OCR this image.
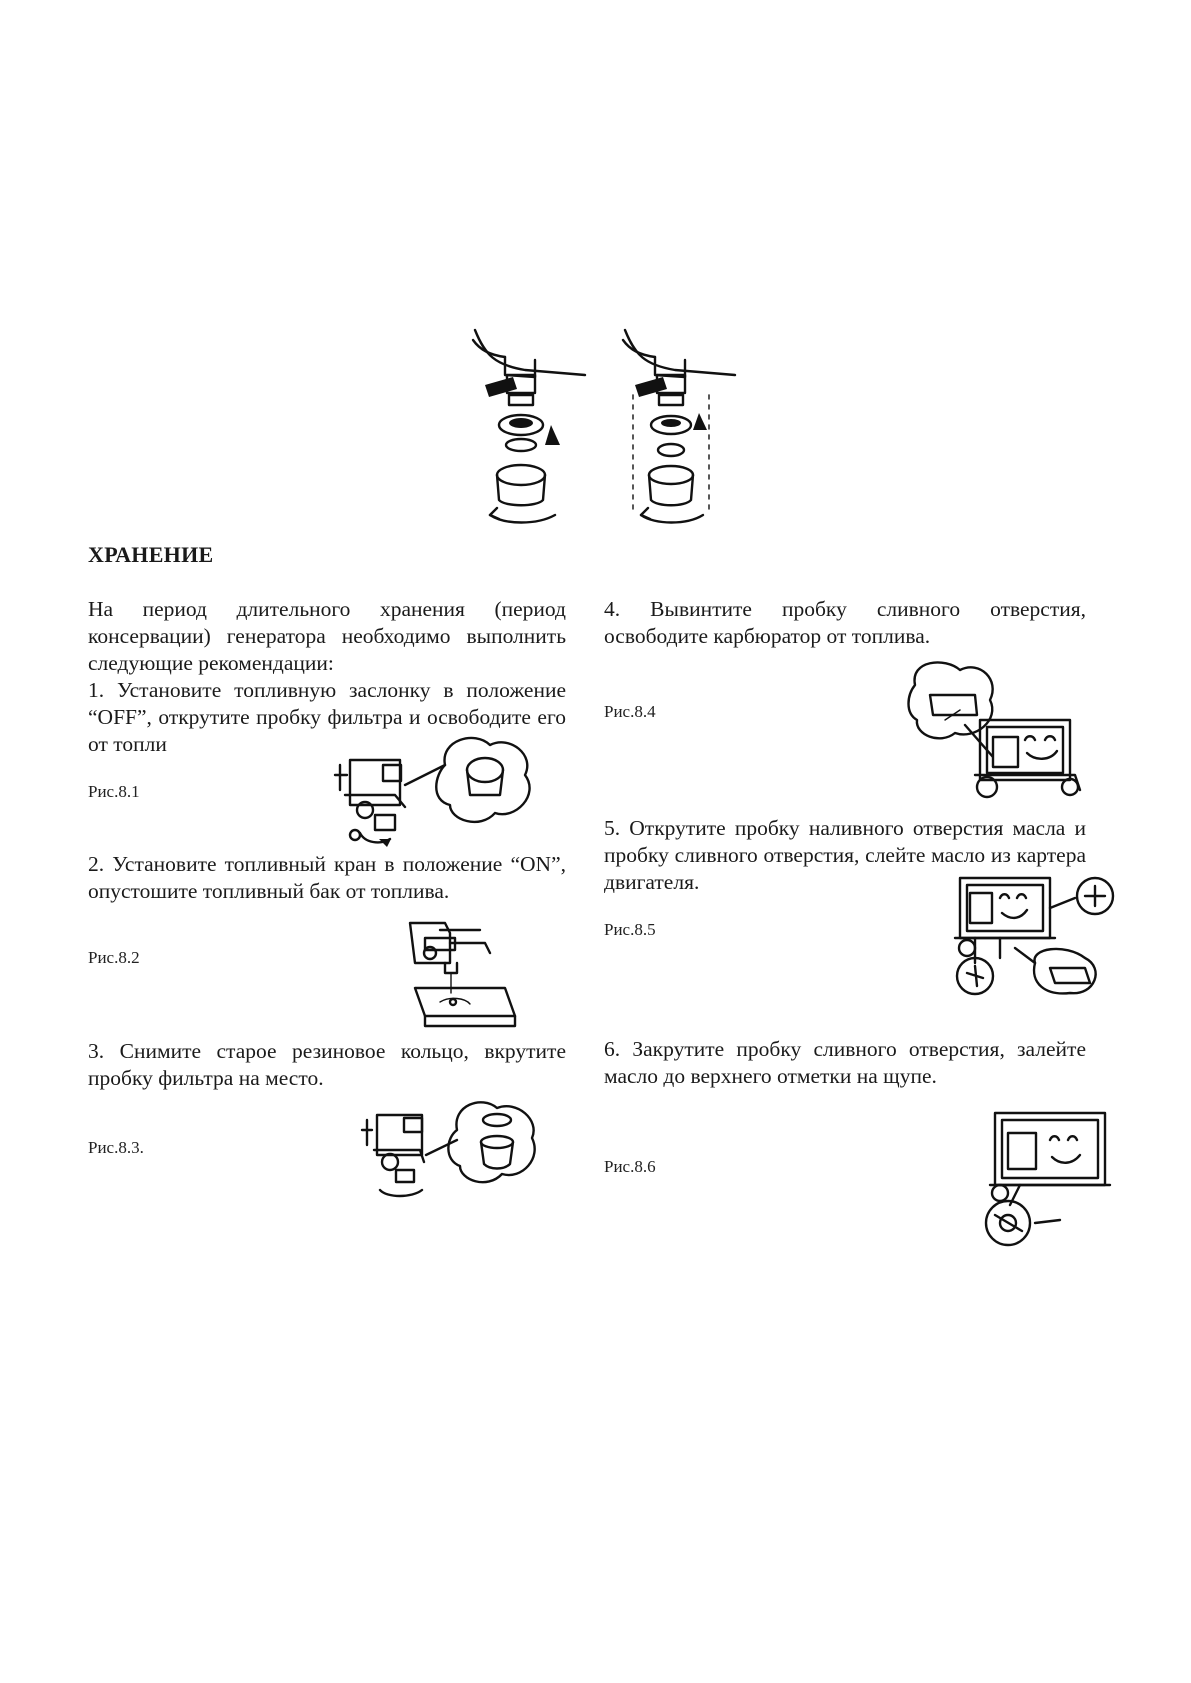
ХРАНЕНИЕ
На период длительного хранения (период консервации) генератора необходимо выполнить следующие рекомендации:
1. Установите топливную заслонку в положение “OFF”, открутите пробку фильтра и освободите его от топли
Рис.8.1
2. Установите топливный кран в положение “ON”, опустошите топливный бак от топлива.
Рис.8.2
3. Снимите старое резиновое кольцо, вкрутите пробку фильтра на место.
Рис.8.3.
4. Вывинтите пробку сливного отверстия, освободите карбюратор от топлива.
Рис.8.4
5. Открутите пробку наливного отверстия масла и пробку сливного отверстия, слейте масло из картера двигателя.
Рис.8.5
6. Закрутите пробку сливного отверстия, залейте масло до верхнего отметки на щупе.
Рис.8.6
